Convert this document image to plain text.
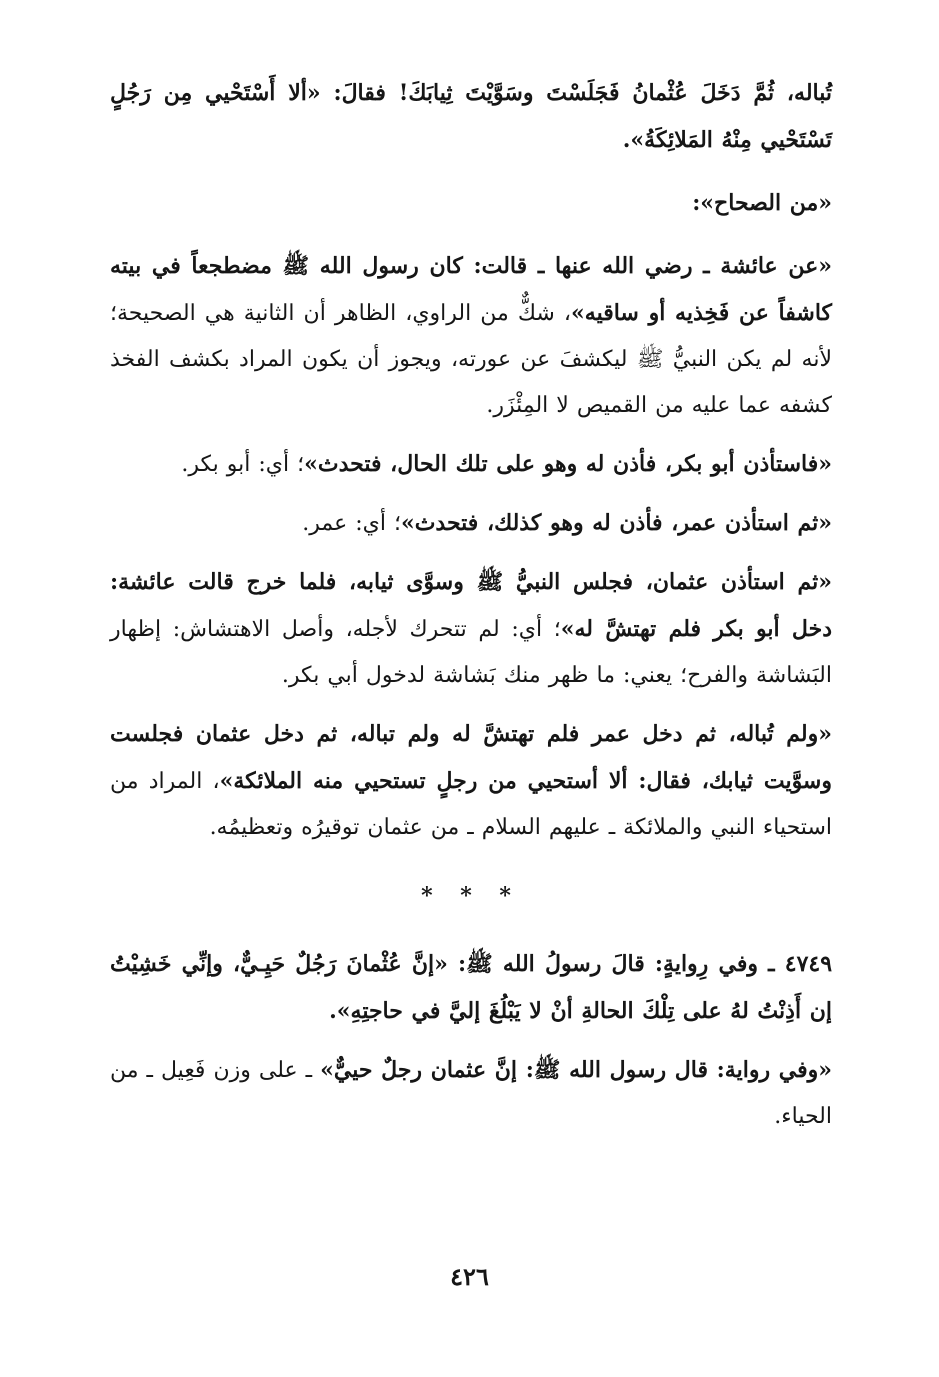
تُباله، ثُمَّ دَخَلَ عُثْمانُ فَجَلَسْتَ وسَوَّيْتَ ثِيابَكَ! فقالَ: «ألا أَسْتَحْيي مِن رَجُلٍ تَسْتَحْيي مِنْهُ المَلائِكَةُ».

«من الصحاح»:

«عن عائشة ـ رضي الله عنها ـ قالت: كان رسول الله ﷺ مضطجعاً في بيته كاشفاً عن فَخِذيه أو ساقيه»، شكٌّ من الراوي، الظاهر أن الثانية هي الصحيحة؛ لأنه لم يكن النبيُّ ﷺ ليكشفَ عن عورته، ويجوز أن يكون المراد بكشف الفخذ كشفه عما عليه من القميص لا المِئْزَر.

«فاستأذن أبو بكر، فأذن له وهو على تلك الحال، فتحدث»؛ أي: أبو بكر.

«ثم استأذن عمر، فأذن له وهو كذلك، فتحدث»؛ أي: عمر.

«ثم استأذن عثمان، فجلس النبيُّ ﷺ وسوَّى ثيابه، فلما خرج قالت عائشة: دخل أبو بكر فلم تهتشَّ له»؛ أي: لم تتحرك لأجله، وأصل الاهتشاش: إظهار البَشاشة والفرح؛ يعني: ما ظهر منك بَشاشة لدخول أبي بكر.

«ولم تُباله، ثم دخل عمر فلم تهتشَّ له ولم تباله، ثم دخل عثمان فجلست وسوَّيت ثيابك، فقال: ألا أستحيي من رجلٍ تستحيي منه الملائكة»، المراد من استحياء النبي والملائكة ـ عليهم السلام ـ من عثمان توقيرُه وتعظيمُه.

* * *

٤٧٤٩ ـ وفي رِوايةٍ: قالَ رسولُ الله ﷺ: «إنَّ عُثْمانَ رَجُلٌ حَيِـيٌّ، وإنِّي خَشِيْتُ إن أَذِنْتُ لهُ على تِلْكَ الحالةِ أنْ لا يَبْلُغَ إليَّ في حاجتِهِ».

«وفي رواية: قال رسول الله ﷺ: إنَّ عثمان رجلٌ حييٌّ» ـ على وزن فَعِيل ـ من الحياء.

٤٢٦
